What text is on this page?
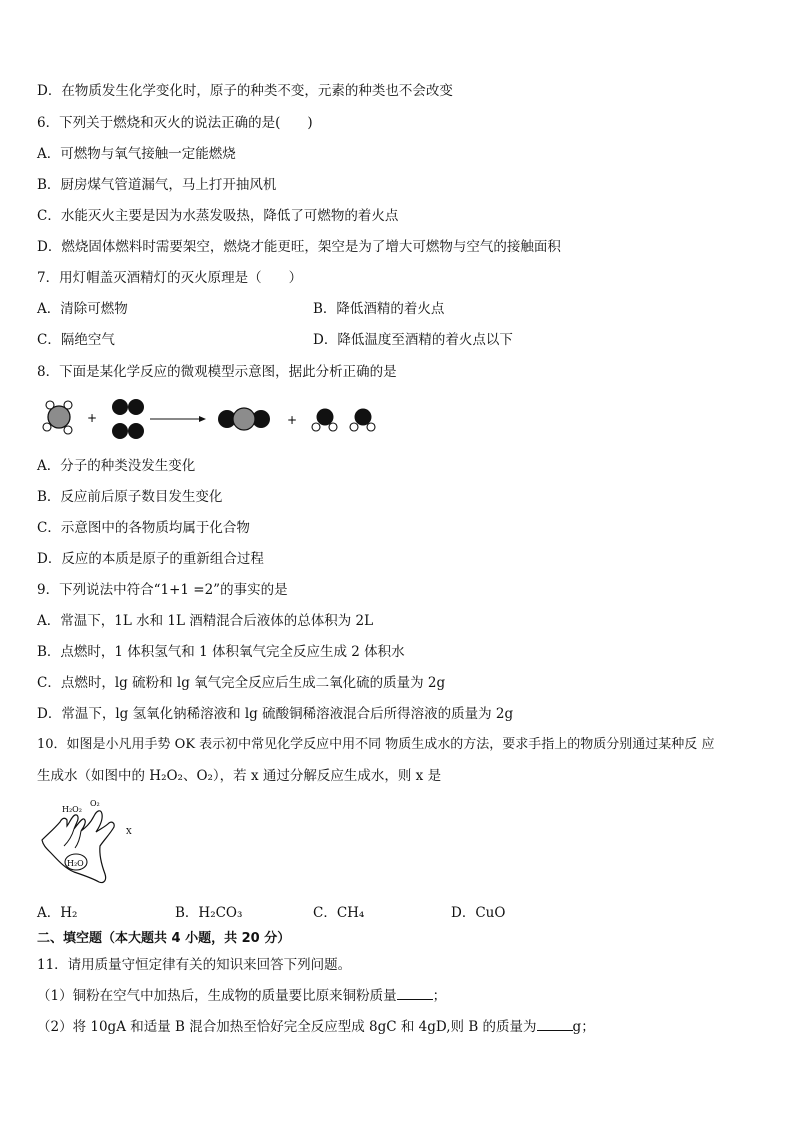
D．在物质发生化学变化时，原子的种类不变，元素的种类也不会改变
6．下列关于燃烧和灭火的说法正确的是(　　)
A．可燃物与氧气接触一定能燃烧
B．厨房煤气管道漏气，马上打开抽风机
C．水能灭火主要是因为水蒸发吸热，降低了可燃物的着火点
D．燃烧固体燃料时需要架空，燃烧才能更旺，架空是为了增大可燃物与空气的接触面积
7．用灯帽盖灭酒精灯的灭火原理是（　　）
A．清除可燃物	B．降低酒精的着火点
C．隔绝空气	D．降低温度至酒精的着火点以下
8．下面是某化学反应的微观模型示意图，据此分析正确的是
+	+
A．分子的种类没发生变化
B．反应前后原子数目发生变化
C．示意图中的各物质均属于化合物
D．反应的本质是原子的重新组合过程
9．下列说法中符合“1+1 =2”的事实的是
A．常温下，1L 水和 1L 酒精混合后液体的总体积为 2L
B．点燃时，1 体积氢气和 1 体积氧气完全反应生成 2 体积水
C．点燃时，lg 硫粉和 lg 氧气完全反应后生成二氧化硫的质量为 2g
D．常温下，lg 氢氧化钠稀溶液和 lg 硫酸铜稀溶液混合后所得溶液的质量为 2g
10．如图是小凡用手势 OK 表示初中常见化学反应中用不同 物质生成水的方法，要求手指上的物质分别通过某种反 应
生成水（如图中的 H₂O₂、O₂），若 x 通过分解反应生成水，则 x 是
H₂O₂
O₂
X
H₂O
A．H₂	B．H₂CO₃	C．CH₄	D．CuO
二、填空题（本大题共 4 小题，共 20 分）
11．请用质量守恒定律有关的知识来回答下列问题。
（1）铜粉在空气中加热后，生成物的质量要比原来铜粉质量	；
（2）将 10gA 和适量 B 混合加热至恰好完全反应型成 8gC 和 4gD,则 B 的质量为	g；
